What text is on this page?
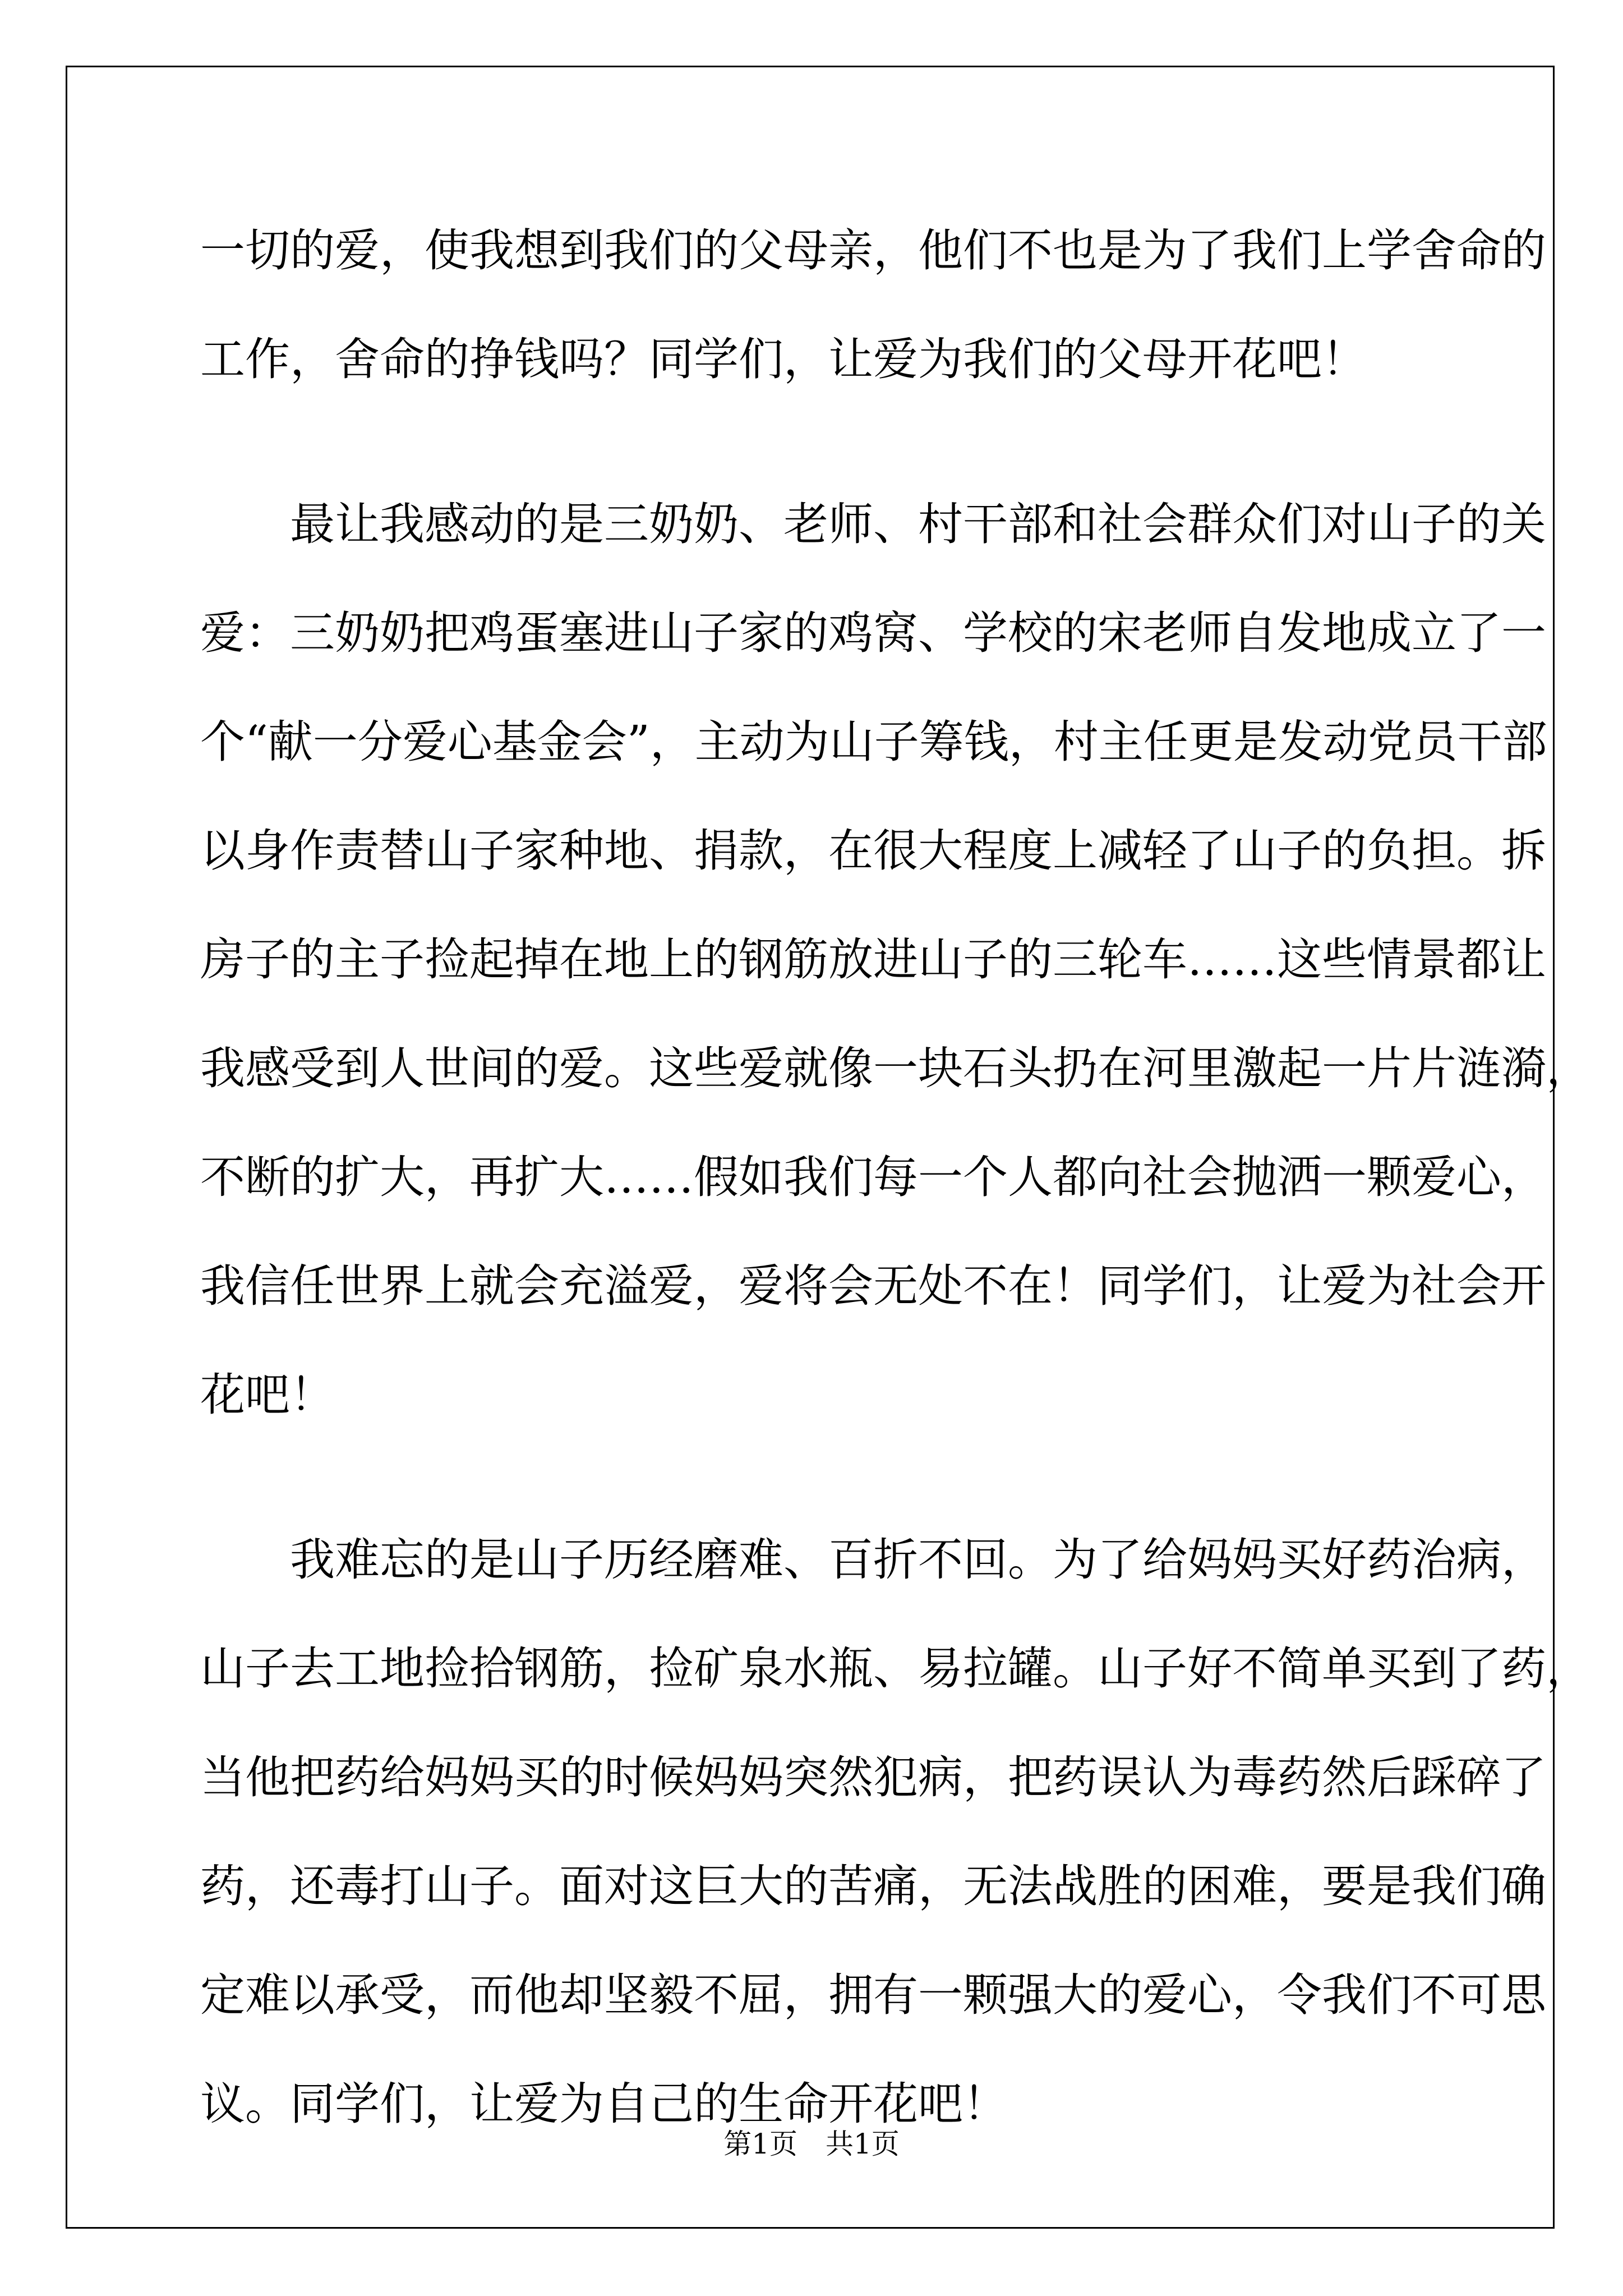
一切的爱，使我想到我们的父母亲，他们不也是为了我们上学舍命的
工作，舍命的挣钱吗？同学们，让爱为我们的父母开花吧！
　　最让我感动的是三奶奶、老师、村干部和社会群众们对山子的关
爱：三奶奶把鸡蛋塞进山子家的鸡窝、学校的宋老师自发地成立了一
个“献一分爱心基金会”，主动为山子筹钱，村主任更是发动党员干部
以身作责替山子家种地、捐款，在很大程度上减轻了山子的负担。拆
房子的主子捡起掉在地上的钢筋放进山子的三轮车……这些情景都让
我感受到人世间的爱。这些爱就像一块石头扔在河里激起一片片涟漪，
不断的扩大，再扩大……假如我们每一个人都向社会抛洒一颗爱心，
我信任世界上就会充溢爱，爱将会无处不在！同学们，让爱为社会开
花吧！
　　我难忘的是山子历经磨难、百折不回。为了给妈妈买好药治病，
山子去工地捡拾钢筋，捡矿泉水瓶、易拉罐。山子好不简单买到了药，
当他把药给妈妈买的时候妈妈突然犯病，把药误认为毒药然后踩碎了
药，还毒打山子。面对这巨大的苦痛，无法战胜的困难，要是我们确
定难以承受，而他却坚毅不屈，拥有一颗强大的爱心，令我们不可思
议。同学们，让爱为自己的生命开花吧！
第1页 共1页
